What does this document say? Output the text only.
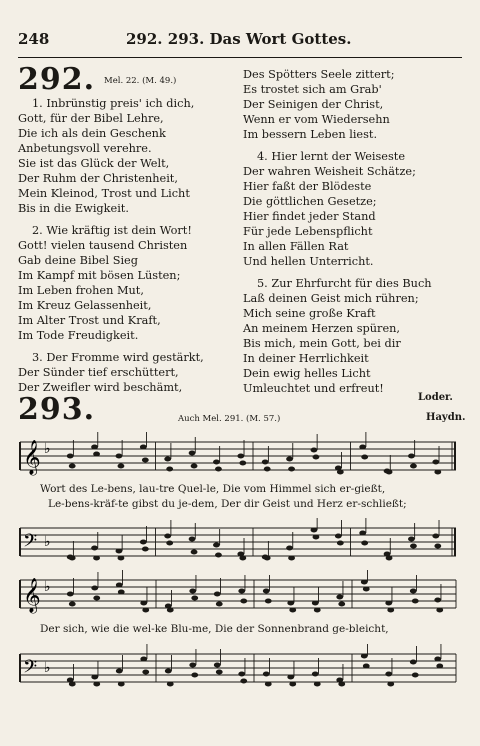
248	292. 293. Das Wort Gottes.
292. Mel. 22. (M. 49.)
1. Inbrünstig preis' ich dich,
Gott, für der Bibel Lehre,
Die ich als dein Geschenk
Anbetungsvoll verehre.
Sie ist das Glück der Welt,
Der Ruhm der Christenheit,
Mein Kleinod, Trost und Licht
Bis in die Ewigkeit.
2. Wie kräftig ist dein Wort!
Gott! vielen tausend Christen
Gab deine Bibel Sieg
Im Kampf mit bösen Lüsten;
Im Leben frohen Mut,
Im Kreuz Gelassenheit,
Im Alter Trost und Kraft,
Im Tode Freudigkeit.
3. Der Fromme wird gestärkt,
Der Sünder tief erschüttert,
Der Zweifler wird beschämt,
Des Spötters Seele zittert;
Es trostet sich am Grab'
Der Seinigen der Christ,
Wenn er vom Wiedersehn
Im bessern Leben liest.
4. Hier lernt der Weiseste
Der wahren Weisheit Schätze;
Hier faßt der Blödeste
Die göttlichen Gesetze;
Hier findet jeder Stand
Für jede Lebenspflicht
In allen Fällen Rat
Und hellen Unterricht.
5. Zur Ehrfurcht für dies Buch
Laß deinen Geist mich rühren;
Mich seine große Kraft
An meinem Herzen spüren,
Bis mich, mein Gott, bei dir
In deiner Herrlichkeit
Dein ewig helles Licht
Umleuchtet und erfreut!
Loder.
293.	Auch Mel. 291. (M. 57.)	Haydn.
𝄞 ♭
Wort des Le-bens, lau-tre Quel-le, Die vom Himmel sich er-gießt,
Le-bens-kräf-te gibst du je-dem, Der dir Geist und Herz er-schließt;
𝄢 ♭
𝄞 ♭
Der sich, wie die wel-ke Blu-me, Die der Sonnenbrand ge-bleicht,
𝄢 ♭
